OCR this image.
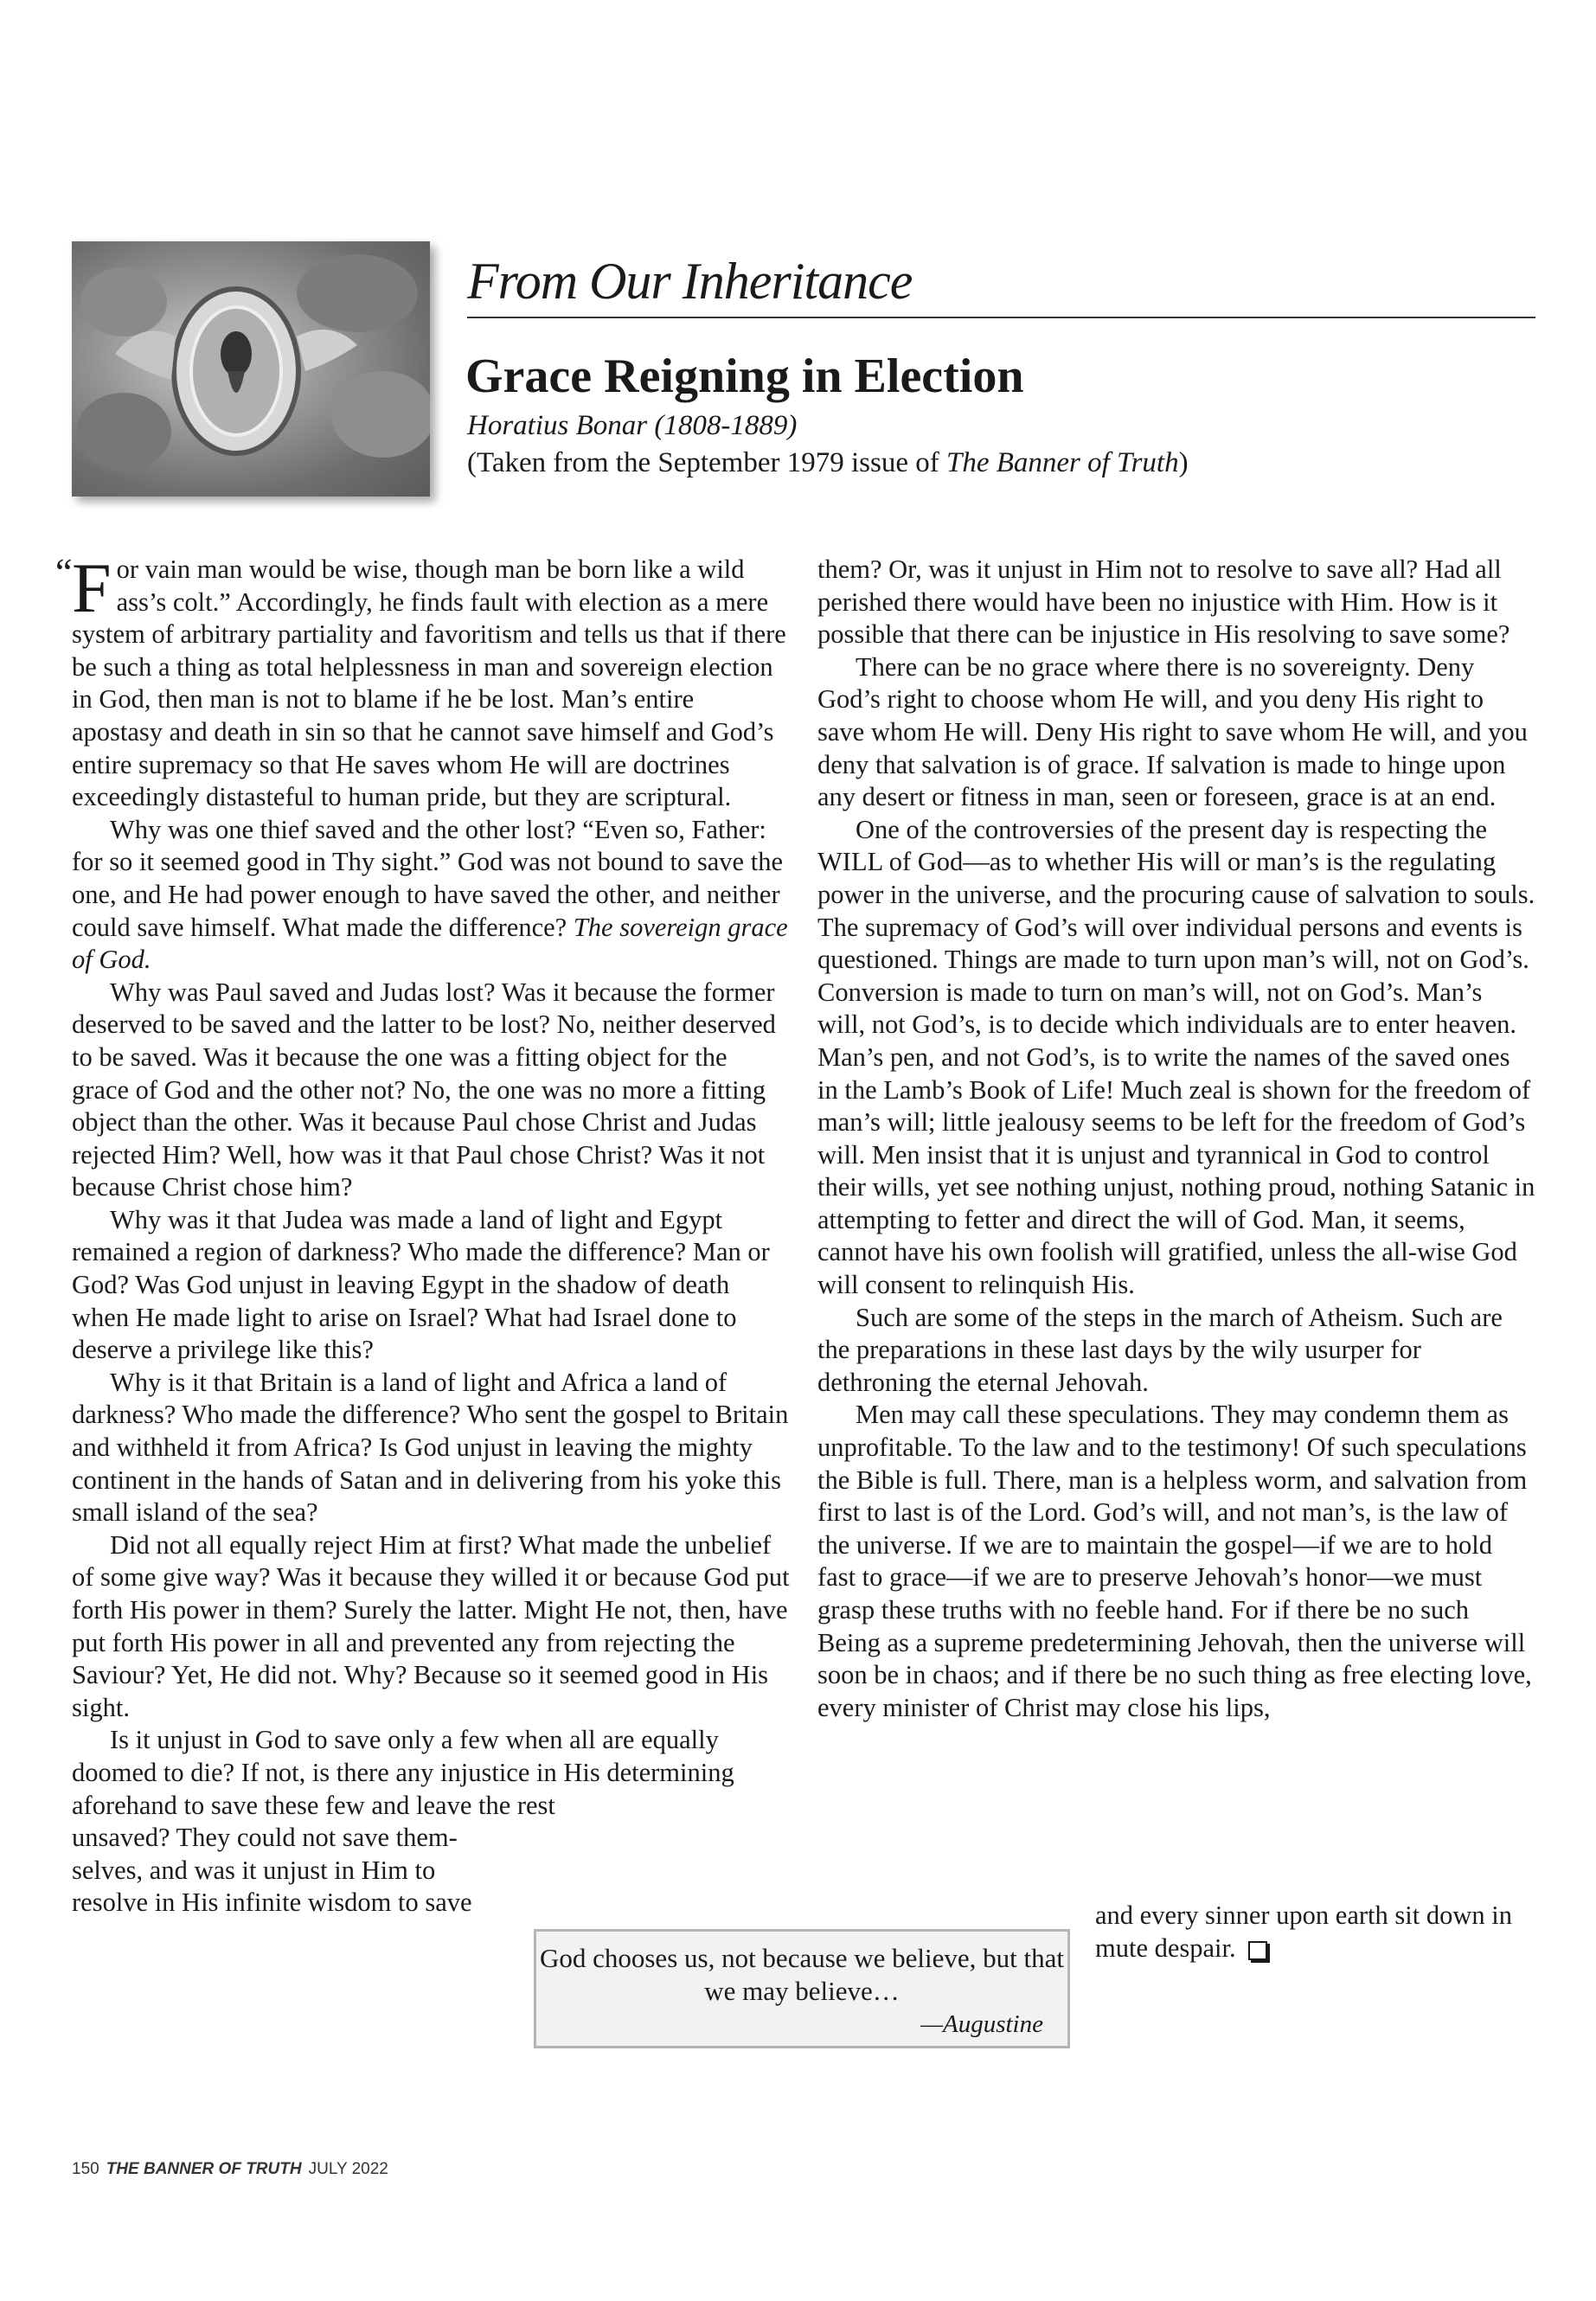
From Our Inheritance
Grace Reigning in Election
Horatius Bonar (1808-1889)
(Taken from the September 1979 issue of The Banner of Truth)
“ For vain man would be wise, though man be born like a wild ass’s colt.” Accordingly, he finds fault with election as a mere system of arbitrary partiality and favoritism and tells us that if there be such a thing as total helplessness in man and sovereign election in God, then man is not to blame if he be lost. Man’s entire apostasy and death in sin so that he cannot save himself and God’s entire supremacy so that He saves whom He will are doctrines exceedingly distasteful to human pride, but they are scriptural.

Why was one thief saved and the other lost? “Even so, Father: for so it seemed good in Thy sight.” God was not bound to save the one, and He had power enough to have saved the other, and neither could save himself. What made the difference? The sovereign grace of God.

Why was Paul saved and Judas lost? Was it because the former deserved to be saved and the latter to be lost? No, neither deserved to be saved. Was it because the one was a fitting object for the grace of God and the other not? No, the one was no more a fitting object than the other. Was it because Paul chose Christ and Judas rejected Him? Well, how was it that Paul chose Christ? Was it not because Christ chose him?

Why was it that Judea was made a land of light and Egypt remained a region of darkness? Who made the difference? Man or God? Was God unjust in leaving Egypt in the shadow of death when He made light to arise on Israel? What had Israel done to deserve a privilege like this?

Why is it that Britain is a land of light and Africa a land of darkness? Who made the difference? Who sent the gospel to Britain and withheld it from Africa? Is God unjust in leaving the mighty continent in the hands of Satan and in delivering from his yoke this small island of the sea?

Did not all equally reject Him at first? What made the unbelief of some give way? Was it because they willed it or because God put forth His power in them? Surely the latter. Might He not, then, have put forth His power in all and prevented any from rejecting the Saviour? Yet, He did not. Why? Because so it seemed good in His sight.

Is it unjust in God to save only a few when all are equally doomed to die? If not, is there any injustice in His determining aforehand to save these few and leave the rest

unsaved? They could not save themselves, and was it unjust in Him to resolve in His infinite wisdom to save

them? Or, was it unjust in Him not to resolve to save all? Had all perished there would have been no injustice with Him. How is it possible that there can be injustice in His resolving to save some?

There can be no grace where there is no sovereignty. Deny God’s right to choose whom He will, and you deny His right to save whom He will. Deny His right to save whom He will, and you deny that salvation is of grace. If salvation is made to hinge upon any desert or fitness in man, seen or foreseen, grace is at an end.

One of the controversies of the present day is respecting the WILL of God—as to whether His will or man’s is the regulating power in the universe, and the procuring cause of salvation to souls. The supremacy of God’s will over individual persons and events is questioned. Things are made to turn upon man’s will, not on God’s. Conversion is made to turn on man’s will, not on God’s. Man’s will, not God’s, is to decide which individuals are to enter heaven. Man’s pen, and not God’s, is to write the names of the saved ones in the Lamb’s Book of Life! Much zeal is shown for the freedom of man’s will; little jealousy seems to be left for the freedom of God’s will. Men insist that it is unjust and tyrannical in God to control their wills, yet see nothing unjust, nothing proud, nothing Satanic in attempting to fetter and direct the will of God. Man, it seems, cannot have his own foolish will gratified, unless the all-wise God will consent to relinquish His.

Such are some of the steps in the march of Atheism. Such are the preparations in these last days by the wily usurper for dethroning the eternal Jehovah.

Men may call these speculations. They may condemn them as unprofitable. To the law and to the testimony! Of such speculations the Bible is full. There, man is a helpless worm, and salvation from first to last is of the Lord. God’s will, and not man’s, is the law of the universe. If we are to maintain the gospel—if we are to hold fast to grace—if we are to preserve Jehovah’s honor—we must grasp these truths with no feeble hand. For if there be no such Being as a supreme predetermining Jehovah, then the universe will soon be in chaos; and if there be no such thing as free electing love, every minister of Christ may close his lips,

and every sinner upon earth sit down in mute despair.
God chooses us, not because we believe, but that we may believe…
—Augustine
150 THE BANNER OF TRUTH JULY 2022
